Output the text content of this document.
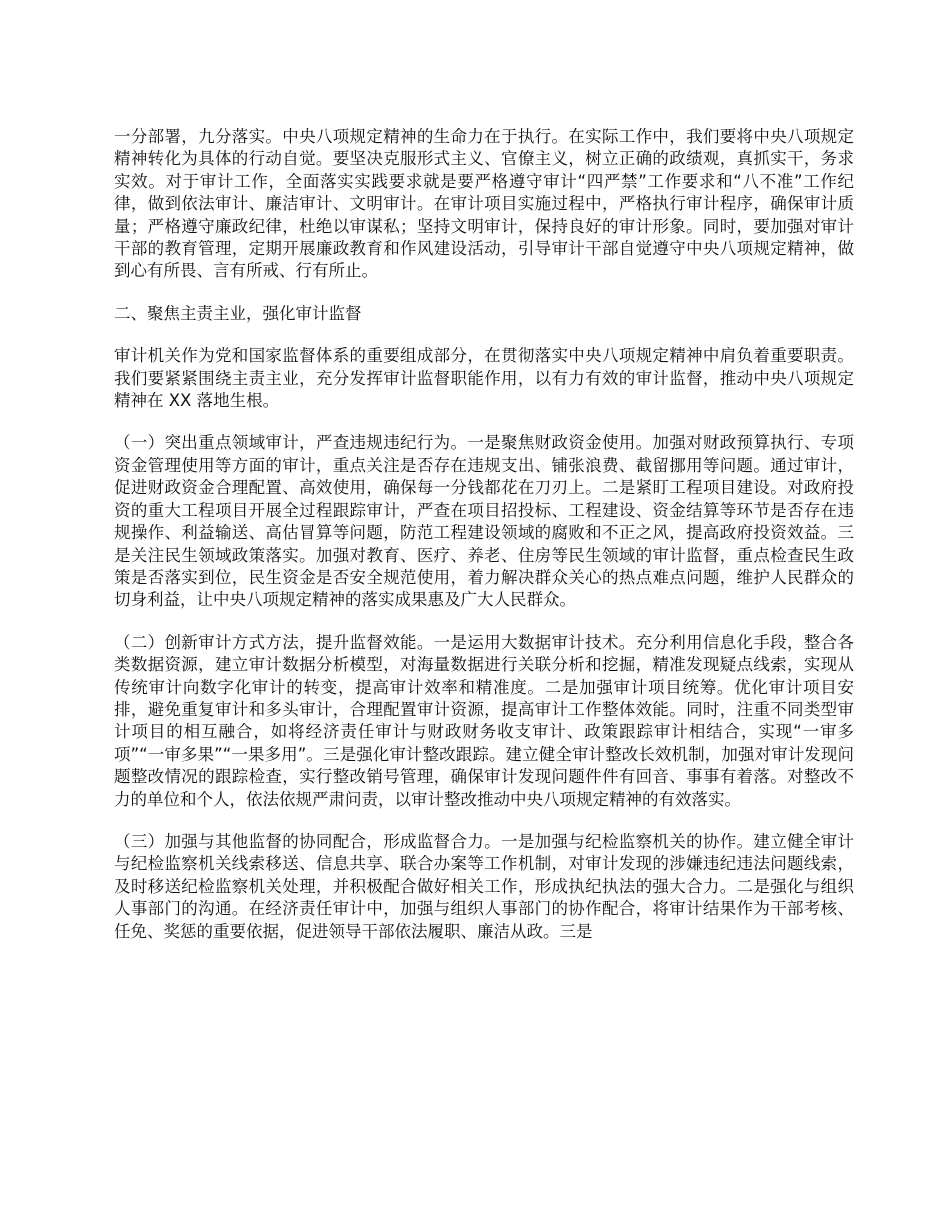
一分部署，九分落实。中央八项规定精神的生命力在于执行。在实际工作中，我们要将中央八项规定精神转化为具体的行动自觉。要坚决克服形式主义、官僚主义，树立正确的政绩观，真抓实干，务求实效。对于审计工作，全面落实实践要求就是要严格遵守审计“四严禁”工作要求和“八不准”工作纪律，做到依法审计、廉洁审计、文明审计。在审计项目实施过程中，严格执行审计程序，确保审计质量；严格遵守廉政纪律，杜绝以审谋私；坚持文明审计，保持良好的审计形象。同时，要加强对审计干部的教育管理，定期开展廉政教育和作风建设活动，引导审计干部自觉遵守中央八项规定精神，做到心有所畏、言有所戒、行有所止。

二、聚焦主责主业，强化审计监督

审计机关作为党和国家监督体系的重要组成部分，在贯彻落实中央八项规定精神中肩负着重要职责。我们要紧紧围绕主责主业，充分发挥审计监督职能作用，以有力有效的审计监督，推动中央八项规定精神在 XX 落地生根。

（一）突出重点领域审计，严查违规违纪行为。一是聚焦财政资金使用。加强对财政预算执行、专项资金管理使用等方面的审计，重点关注是否存在违规支出、铺张浪费、截留挪用等问题。通过审计，促进财政资金合理配置、高效使用，确保每一分钱都花在刀刃上。二是紧盯工程项目建设。对政府投资的重大工程项目开展全过程跟踪审计，严查在项目招投标、工程建设、资金结算等环节是否存在违规操作、利益输送、高估冒算等问题，防范工程建设领域的腐败和不正之风，提高政府投资效益。三是关注民生领域政策落实。加强对教育、医疗、养老、住房等民生领域的审计监督，重点检查民生政策是否落实到位，民生资金是否安全规范使用，着力解决群众关心的热点难点问题，维护人民群众的切身利益，让中央八项规定精神的落实成果惠及广大人民群众。

（二）创新审计方式方法，提升监督效能。一是运用大数据审计技术。充分利用信息化手段，整合各类数据资源，建立审计数据分析模型，对海量数据进行关联分析和挖掘，精准发现疑点线索，实现从传统审计向数字化审计的转变，提高审计效率和精准度。二是加强审计项目统筹。优化审计项目安排，避免重复审计和多头审计，合理配置审计资源，提高审计工作整体效能。同时，注重不同类型审计项目的相互融合，如将经济责任审计与财政财务收支审计、政策跟踪审计相结合，实现“一审多项”“一审多果”“一果多用”。三是强化审计整改跟踪。建立健全审计整改长效机制，加强对审计发现问题整改情况的跟踪检查，实行整改销号管理，确保审计发现问题件件有回音、事事有着落。对整改不力的单位和个人，依法依规严肃问责，以审计整改推动中央八项规定精神的有效落实。

（三）加强与其他监督的协同配合，形成监督合力。一是加强与纪检监察机关的协作。建立健全审计与纪检监察机关线索移送、信息共享、联合办案等工作机制，对审计发现的涉嫌违纪违法问题线索，及时移送纪检监察机关处理，并积极配合做好相关工作，形成执纪执法的强大合力。二是强化与组织人事部门的沟通。在经济责任审计中，加强与组织人事部门的协作配合，将审计结果作为干部考核、任免、奖惩的重要依据，促进领导干部依法履职、廉洁从政。三是
